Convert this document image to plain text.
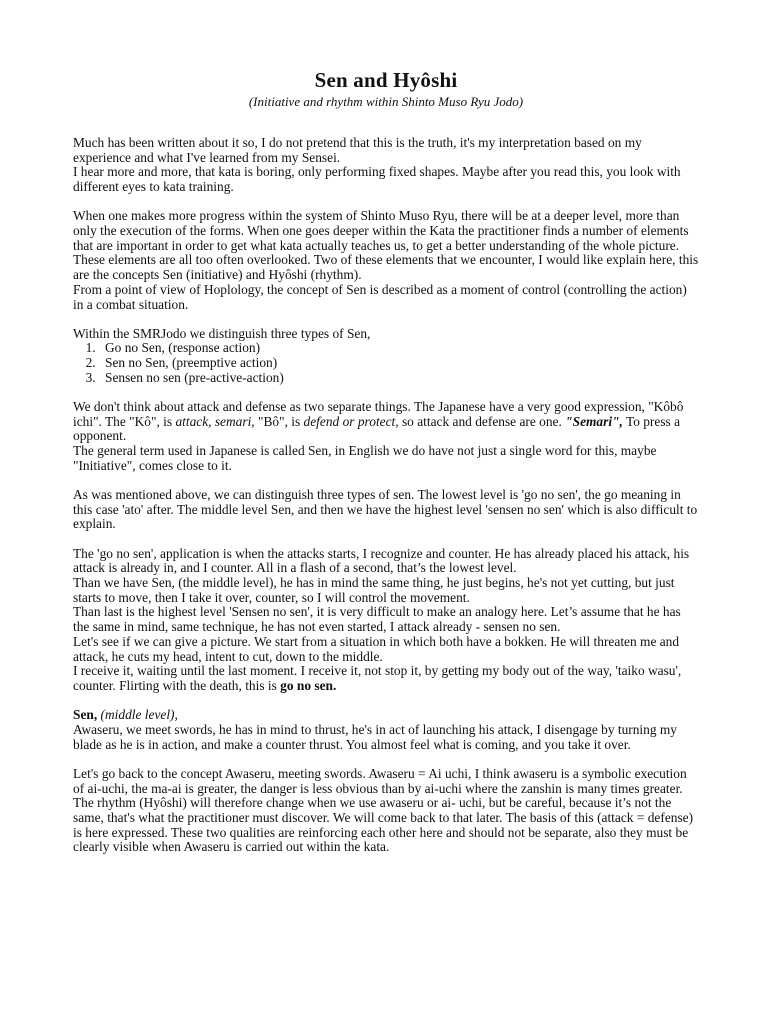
Sen and Hyôshi
(Initiative and rhythm within Shinto Muso Ryu Jodo)

Much has been written about it so, I do not pretend that this is the truth, it's my interpretation based on my experience and what I've learned from my Sensei.

I hear more and more, that kata is boring, only performing fixed shapes. Maybe after you read this, you look with different eyes to kata training.

When one makes more progress within the system of Shinto Muso Ryu, there will be at a deeper level, more than only the execution of the forms. When one goes deeper within the Kata the practitioner finds a number of elements that are important in order to get what kata actually teaches us, to get a better understanding of the whole picture. These elements are all too often overlooked. Two of these elements that we encounter, I would like explain here, this are the concepts Sen (initiative) and Hyôshi (rhythm).

From a point of view of Hoplology, the concept of Sen is described as a moment of control (controlling the action) in a combat situation.

Within the SMRJodo we distinguish three types of Sen,

1. Go no Sen, (response action)
2. Sen no Sen, (preemptive action)
3. Sensen no sen (pre-active-action)

We don't think about attack and defense as two separate things. The Japanese have a very good expression, "Kôbô ichi". The "Kô", is attack, semari, "Bô", is defend or protect, so attack and defense are one. "Semari", To press a opponent.

The general term used in Japanese is called Sen, in English we do have not just a single word for this, maybe "Initiative", comes close to it.

As was mentioned above, we can distinguish three types of sen. The lowest level is 'go no sen', the go meaning in this case 'ato' after. The middle level Sen, and then we have the highest level 'sensen no sen' which is also difficult to explain.

The 'go no sen', application is when the attacks starts, I recognize and counter. He has already placed his attack, his attack is already in, and I counter. All in a flash of a second, that’s the lowest level.

Than we have Sen, (the middle level), he has in mind the same thing, he just begins, he's not yet cutting, but just starts to move, then I take it over, counter, so I will control the movement.

Than last is the highest level 'Sensen no sen', it is very difficult to make an analogy here. Let’s assume that he has the same in mind, same technique, he has not even started, I attack already - sensen no sen.

Let's see if we can give a picture. We start from a situation in which both have a bokken. He will threaten me and attack, he cuts my head, intent to cut, down to the middle.

I receive it, waiting until the last moment. I receive it, not stop it, by getting my body out of the way, 'taiko wasu', counter. Flirting with the death, this is go no sen.

Sen, (middle level),

Awaseru, we meet swords, he has in mind to thrust, he's in act of launching his attack, I disengage by turning my blade as he is in action, and make a counter thrust. You almost feel what is coming, and you take it over.

Let's go back to the concept Awaseru, meeting swords. Awaseru = Ai uchi, I think awaseru is a symbolic execution of ai-uchi, the ma-ai is greater, the danger is less obvious than by ai-uchi where the zanshin is many times greater. The rhythm (Hyôshi) will therefore change when we use awaseru or ai- uchi, but be careful, because it’s not the same, that's what the practitioner must discover. We will come back to that later. The basis of this (attack = defense) is here expressed. These two qualities are reinforcing each other here and should not be separate, also they must be clearly visible when Awaseru is carried out within the kata.
